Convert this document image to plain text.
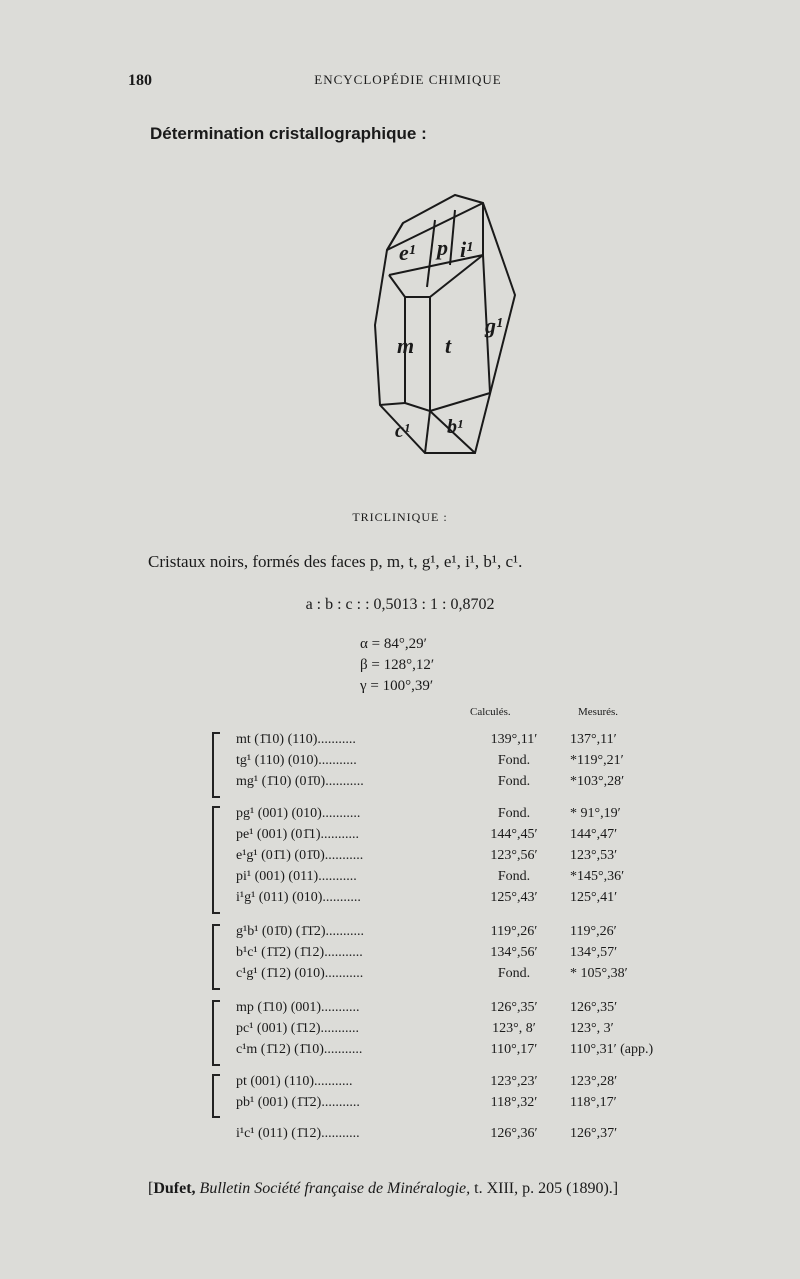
180	ENCYCLOPÉDIE CHIMIQUE
Détermination cristallographique :
e¹ p i¹
g¹
m t
c¹ b¹
TRICLINIQUE :
Cristaux noirs, formés des faces p, m, t, g¹, e¹, i¹, b¹, c¹.
a : b : c : : 0,5013 : 1 : 0,8702
α = 84°,29′
β = 128°,12′
γ = 100°,39′
Calculés.	Mesurés.
mt (1̄10) (110)...........	139°,11′	137°,11′
tg¹ (110) (010)...........	Fond.	*119°,21′
mg¹ (1̄10) (01̄0)...........	Fond.	*103°,28′
pg¹ (001) (010)...........	Fond.	* 91°,19′
pe¹ (001) (01̄1)...........	144°,45′	144°,47′
e¹g¹ (01̄1) (01̄0)...........	123°,56′	123°,53′
pi¹ (001) (011)...........	Fond.	*145°,36′
i¹g¹ (011) (010)...........	125°,43′	125°,41′
g¹b¹ (01̄0) (1̄1̄2)...........	119°,26′	119°,26′
b¹c¹ (1̄1̄2) (1̄12)...........	134°,56′	134°,57′
c¹g¹ (1̄12) (010)...........	Fond.	* 105°,38′
mp (1̄10) (001)...........	126°,35′	126°,35′
pc¹ (001) (1̄12)...........	123°, 8′	123°, 3′
c¹m (1̄12) (1̄10)...........	110°,17′	110°,31′ (app.)
pt (001) (110)...........	123°,23′	123°,28′
pb¹ (001) (1̄1̄2)...........	118°,32′	118°,17′
i¹c¹ (011) (1̄12)...........	126°,36′	126°,37′
[Dufet, Bulletin Société française de Minéralogie, t. XIII, p. 205 (1890).]
